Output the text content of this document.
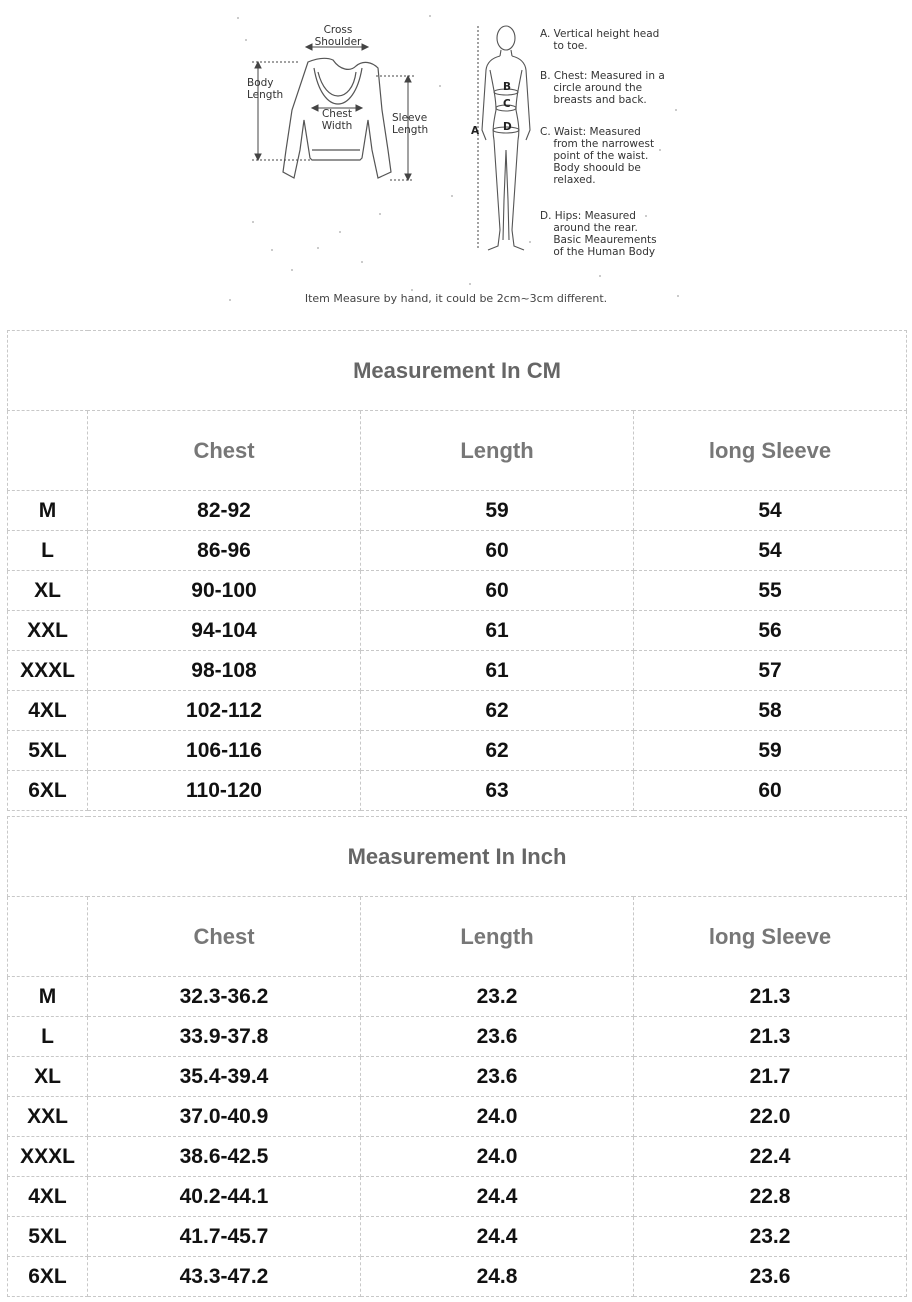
Cross
Shoulder
Body
Length
Chest
Width
Sleeve
Length	A
B
C
D
A. Vertical height head
to toe.
B. Chest: Measured in a
circle around the
breasts and back.
C. Waist: Measured
from the narrowest
point of the waist.
Body shoould be
relaxed.
D. Hips: Measured
around the rear.
Basic Meaurements
of the Human Body
Item Measure by hand, it could be 2cm~3cm different.
Measurement In CM			
	Chest	Length	long Sleeve
M	82-92	59	54
L	86-96	60	54
XL	90-100	60	55
XXL	94-104	61	56
XXXL	98-108	61	57
4XL	102-112	62	58
5XL	106-116	62	59
6XL	110-120	63	60
Measurement In Inch			
	Chest	Length	long Sleeve
M	32.3-36.2	23.2	21.3
L	33.9-37.8	23.6	21.3
XL	35.4-39.4	23.6	21.7
XXL	37.0-40.9	24.0	22.0
XXXL	38.6-42.5	24.0	22.4
4XL	40.2-44.1	24.4	22.8
5XL	41.7-45.7	24.4	23.2
6XL	43.3-47.2	24.8	23.6
